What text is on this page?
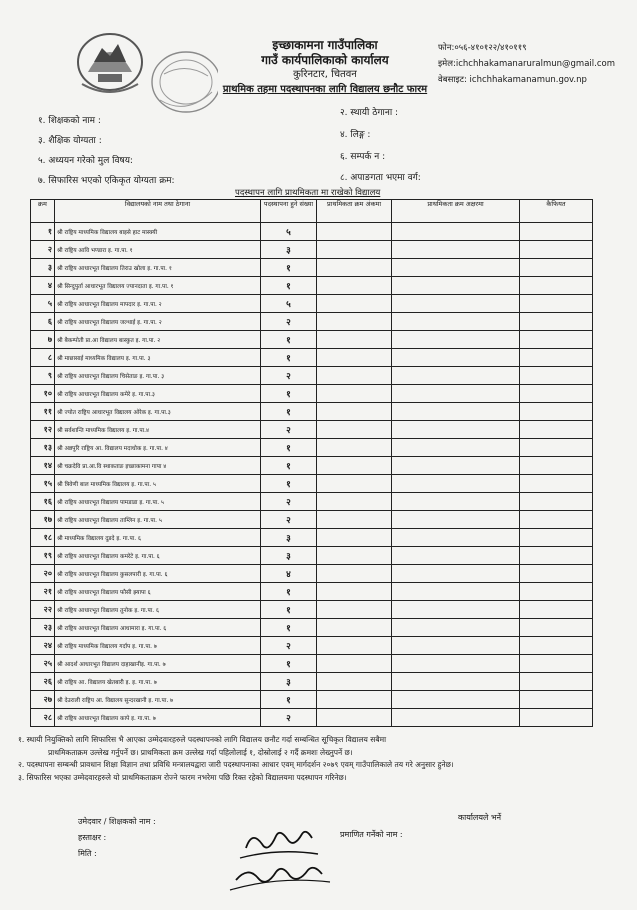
इच्छाकामना गाउँपालिका
गाउँ कार्यपालिकाको कार्यालय
कुरिनटार, चितवन
प्राथमिक तहमा पदस्थापनका लागि विद्यालय छनौट फारम
फोन:०५६-४१०१२२/४१०११९
इमेल:ichchhakamanaruralmun@gmail.com
वेबसाइट: ichchhakamanamun.gov.np
१. शिक्षकको नाम :
२. स्थायी ठेगाना :
३. शैक्षिक योग्यता :
४. लिङ्ग :
५. अध्ययन गरेको मुल विषय:	६. सम्पर्क न :
७. सिफारिस भएको एकिकृत योग्यता क्रम:	८. अपाङगता भएमा वर्ग:
पदस्थापन लागि प्राथमिकता मा राखेको विद्यालय
क्रम	विद्यालयको नाम तथा ठेगाना	पदस्थापना हुने संख्या	प्राथमिकता क्रम अंकमा	प्राथमिकता क्रम अक्षरमा	कैफियत
१	श्री राष्ट्रिय माध्यमिक विद्यालय बाइसे हाट मास्क्यी	५			
२	श्री राष्ट्रिय आवि भण्डारा इ. गा.पा. १	३			
३	श्री राष्ट्रिय आधारभूत विद्यालय तिराउ खोला इ. गा.पा. १	१			
४	श्री सिन्दुपुर्ता आधारभूत विद्यालय ज्यानदाता इ. गा.पा. १	१			
५	श्री राष्ट्रिय आधारभूत विद्यालय मापदार इ. गा.पा. २	५			
६	श्री राष्ट्रिय आधारभूत विद्यालय जल्थाई इ. गा.पा. २	२			
७	श्री बैकम्पोती प्रा.आ विद्यालय बास्कुत इ. गा.पा. २	१			
८	श्री माछासाई माध्यमिक विद्यालय इ. गा.पा. ३	१			
९	श्री राष्ट्रिय आधारभूत विद्यालय चिसेताङ इ. गा.पा. ३	२			
१०	श्री राष्ट्रिय आधारभूत विद्यालय कमेरे इ. गा.पा.३	१			
११	श्री ज्योत राष्ट्रिय आधारभूत विद्यालय ओरेक इ. गा.पा.३	१			
१२	श्री सर्वशान्ति माध्यमिक विद्यालय इ. गा.पा.४	२			
१३	श्री अन्नपुरि राष्ट्रिय आ. विद्यालय मदाधोक इ. गा.पा. ४	१			
१४	श्री चक्रदेवि प्रा.आ.वि स्थाकताङ इच्छाकामना गापा ४	१			
१५	श्री त्रिवेणी बाल माध्यमिक विद्यालय इ. गा.पा. ५	१			
१६	श्री राष्ट्रिय आधारभूत विद्यालय पामडाडा इ. गा.पा. ५	२			
१७	श्री राष्ट्रिय आधारभूत विद्यालय ताम्लिन इ. गा.पा. ५	२			
१८	श्री माध्यमिक विद्यालय दुडदे इ. गा.पा. ६	३			
१९	श्री राष्ट्रिय आधारभूत विद्यालय कमरेटे इ. गा.पा. ६	३			
२०	श्री राष्ट्रिय आधारभूत विद्यालय कुसलपारी इ. गा.पा. ६	४			
२१	श्री राष्ट्रिय आधारभूत विद्यालय फौसी झ्यापा ६	१			
२२	श्री राष्ट्रिय आधारभूत विद्यालय तुनोक इ. गा.पा. ६	१			
२३	श्री राष्ट्रिय आधारभूत विद्यालय आधामारा इ. गा.पा. ६	१			
२४	श्री राष्ट्रिय माध्यमिक विद्यालय गर्दाप इ. गा.पा. ७	२			
२५	श्री आदर्श आधारभूत विद्यालय दाहाखानीइ. गा.पा. ७	१			
२६	श्री राष्ट्रिय आ. विद्यालय खेतबारी इ. इ. गा.पा. ७	३			
२७	श्री देउराली राष्ट्रिय आ. विद्यालय सुन्दरखानी इ. गा.पा. ७	१			
२८	श्री राष्ट्रिय आधारभूत विद्यालय कापे इ. गा.पा. ७	२			
१. स्थायी नियुक्तिको लागि सिफारिस भै आएका उम्मेदवारहरुले पदस्थापनको लागि विद्यालय छनौट गर्दा सम्बन्धित सूचिकृत विद्यालय सबैमा
प्राथमिकताक्रम उल्लेख गर्नुपर्ने छ। प्राथमिकता क्रम उल्लेख गर्दा पहिलोलाई १, दोस्रोलाई २ गर्दै क्रमशः लेख्नुपर्ने छ।
२. पदस्थापना सम्बन्धी प्रावधान शिक्षा विज्ञान तथा प्रविधि मन्त्रालयद्वारा जारी पदस्थापनाका आधार एवम् मार्गदर्शन २०७९ एवम् गाउँपालिकाले तय गरे अनुसार हुनेछ।
३. सिफारिस भएका उम्मेदवारहरुले यो प्राथमिकताक्रम रोज्ने फारम नभरेमा पछि रिक्त रहेको विद्यालयमा पदस्थापन गरिनेछ।
उमेदवार / शिक्षकको नाम :
हस्ताक्षर :
मिति :
कार्यालयले भर्ने
प्रमाणित गर्नेको नाम :
